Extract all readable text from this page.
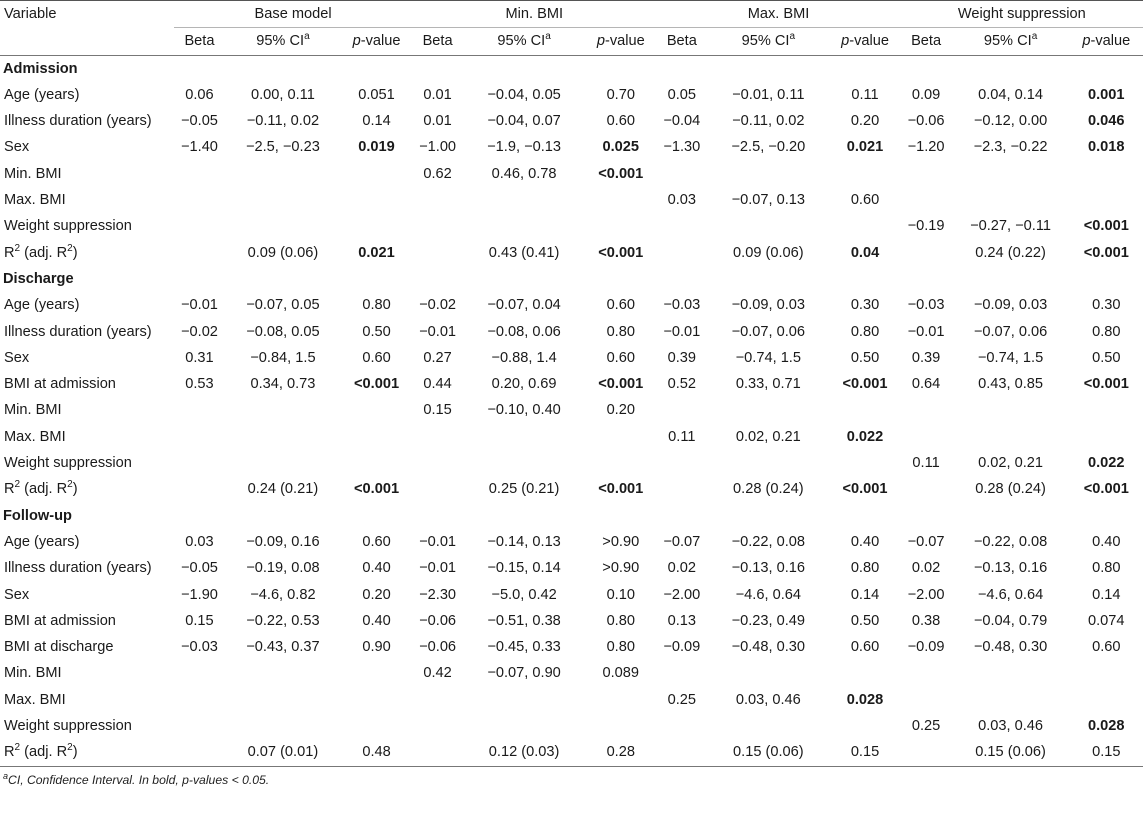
Variable	Base model			Min. BMI			Max. BMI			Weight suppression		
	Beta	95% $CI^a$	p-value	Beta	95% $CI^a$	p-value	Beta	95% $CI^a$	p-value	Beta	95% $CI^a$	p-value
Admission												
Age (years)	0.06	0.00, 0.11	0.051	0.01	−0.04, 0.05	0.70	0.05	−0.01, 0.11	0.11	0.09	0.04, 0.14	0.001
Illness duration (years)	−0.05	−0.11, 0.02	0.14	0.01	−0.04, 0.07	0.60	−0.04	−0.11, 0.02	0.20	−0.06	−0.12, 0.00	0.046
Sex	−1.40	−2.5, −0.23	0.019	−1.00	−1.9, −0.13	0.025	−1.30	−2.5, −0.20	0.021	−1.20	−2.3, −0.22	0.018
Min. BMI				0.62	0.46, 0.78	<0.001						
Max. BMI							0.03	−0.07, 0.13	0.60			
Weight suppression										−0.19	−0.27, −0.11	<0.001
$R^2$ (adj. $R^2$)		0.09 (0.06)	0.021		0.43 (0.41)	<0.001		0.09 (0.06)	0.04		0.24 (0.22)	<0.001
Discharge												
Age (years)	−0.01	−0.07, 0.05	0.80	−0.02	−0.07, 0.04	0.60	−0.03	−0.09, 0.03	0.30	−0.03	−0.09, 0.03	0.30
Illness duration (years)	−0.02	−0.08, 0.05	0.50	−0.01	−0.08, 0.06	0.80	−0.01	−0.07, 0.06	0.80	−0.01	−0.07, 0.06	0.80
Sex	0.31	−0.84, 1.5	0.60	0.27	−0.88, 1.4	0.60	0.39	−0.74, 1.5	0.50	0.39	−0.74, 1.5	0.50
BMI at admission	0.53	0.34, 0.73	<0.001	0.44	0.20, 0.69	<0.001	0.52	0.33, 0.71	<0.001	0.64	0.43, 0.85	<0.001
Min. BMI				0.15	−0.10, 0.40	0.20						
Max. BMI							0.11	0.02, 0.21	0.022			
Weight suppression										0.11	0.02, 0.21	0.022
$R^2$ (adj. $R^2$)		0.24 (0.21)	<0.001		0.25 (0.21)	<0.001		0.28 (0.24)	<0.001		0.28 (0.24)	<0.001
Follow-up												
Age (years)	0.03	−0.09, 0.16	0.60	−0.01	−0.14, 0.13	>0.90	−0.07	−0.22, 0.08	0.40	−0.07	−0.22, 0.08	0.40
Illness duration (years)	−0.05	−0.19, 0.08	0.40	−0.01	−0.15, 0.14	>0.90	0.02	−0.13, 0.16	0.80	0.02	−0.13, 0.16	0.80
Sex	−1.90	−4.6, 0.82	0.20	−2.30	−5.0, 0.42	0.10	−2.00	−4.6, 0.64	0.14	−2.00	−4.6, 0.64	0.14
BMI at admission	0.15	−0.22, 0.53	0.40	−0.06	−0.51, 0.38	0.80	0.13	−0.23, 0.49	0.50	0.38	−0.04, 0.79	0.074
BMI at discharge	−0.03	−0.43, 0.37	0.90	−0.06	−0.45, 0.33	0.80	−0.09	−0.48, 0.30	0.60	−0.09	−0.48, 0.30	0.60
Min. BMI				0.42	−0.07, 0.90	0.089						
Max. BMI							0.25	0.03, 0.46	0.028			
Weight suppression										0.25	0.03, 0.46	0.028
$R^2$ (adj. $R^2$)		0.07 (0.01)	0.48		0.12 (0.03)	0.28		0.15 (0.06)	0.15		0.15 (0.06)	0.15
$^a$CI, Confidence Interval. In bold, p-values < 0.05.
